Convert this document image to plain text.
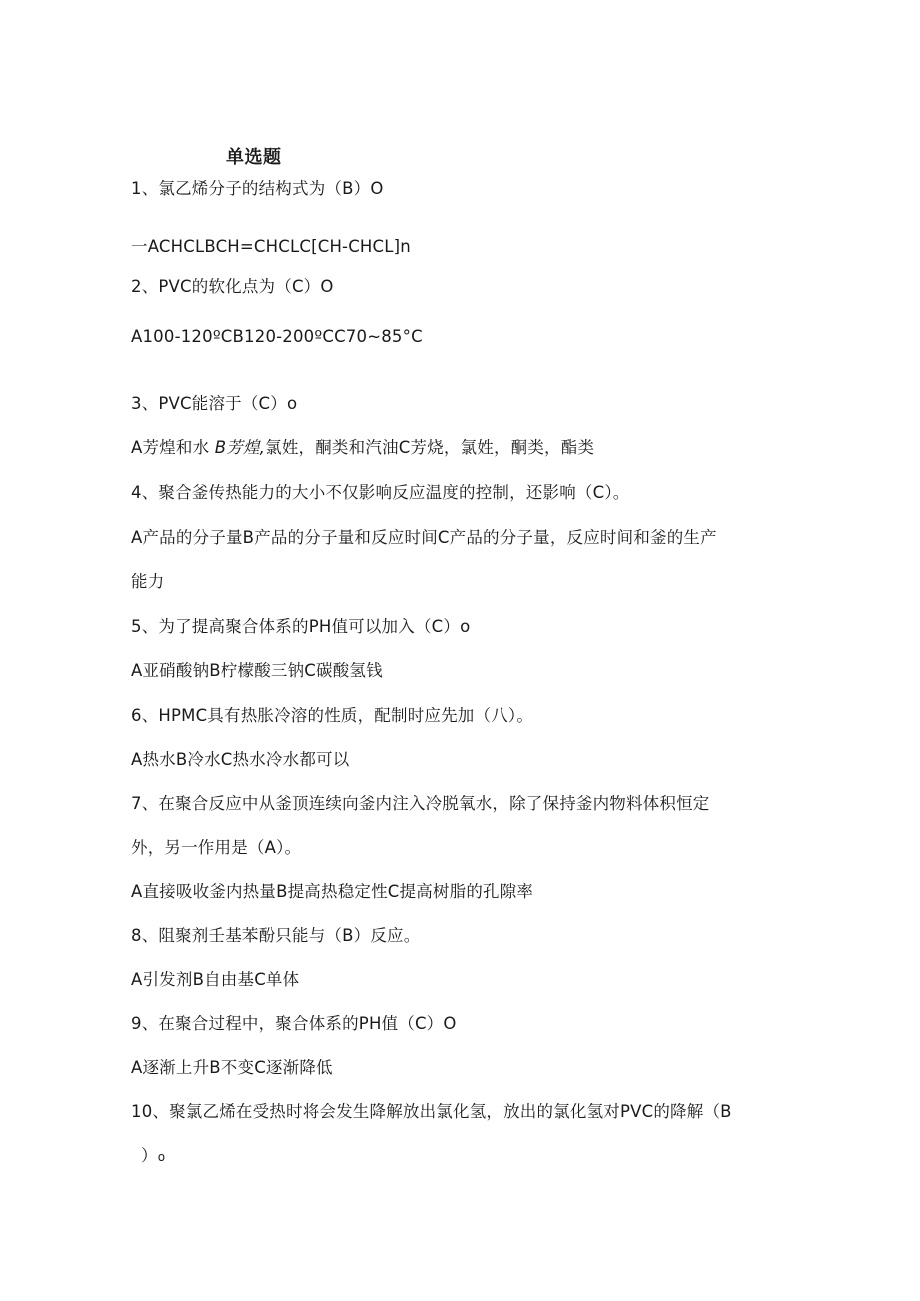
单选题
1、氯乙烯分子的结构式为（B）O
一ACHCLBCH=CHCLC[CH-CHCL]n
2、PVC的软化点为（C）O
A100-120ºCB120-200ºCC70~85°C
3、PVC能溶于（C）o
A芳煌和水 B芳煌,氯姓，酮类和汽油C芳烧，氯姓，酮类，酯类
4、聚合釜传热能力的大小不仅影响反应温度的控制，还影响（C）。
A产品的分子量B产品的分子量和反应时间C产品的分子量，反应时间和釜的生产
能力
5、为了提高聚合体系的PH值可以加入（C）o
A亚硝酸钠B柠檬酸三钠C碳酸氢钱
6、HPMC具有热胀冷溶的性质，配制时应先加（八）。
A热水B冷水C热水冷水都可以
7、在聚合反应中从釜顶连续向釜内注入冷脱氧水，除了保持釜内物料体积恒定
外，另一作用是（A）。
A直接吸收釜内热量B提高热稳定性C提高树脂的孔隙率
8、阻聚剂壬基苯酚只能与（B）反应。
A引发剂B自由基C单体
9、在聚合过程中，聚合体系的PH值（C）O
A逐渐上升B不变C逐渐降低
10、聚氯乙烯在受热时将会发生降解放出氯化氢，放出的氯化氢对PVC的降解（B
）o
